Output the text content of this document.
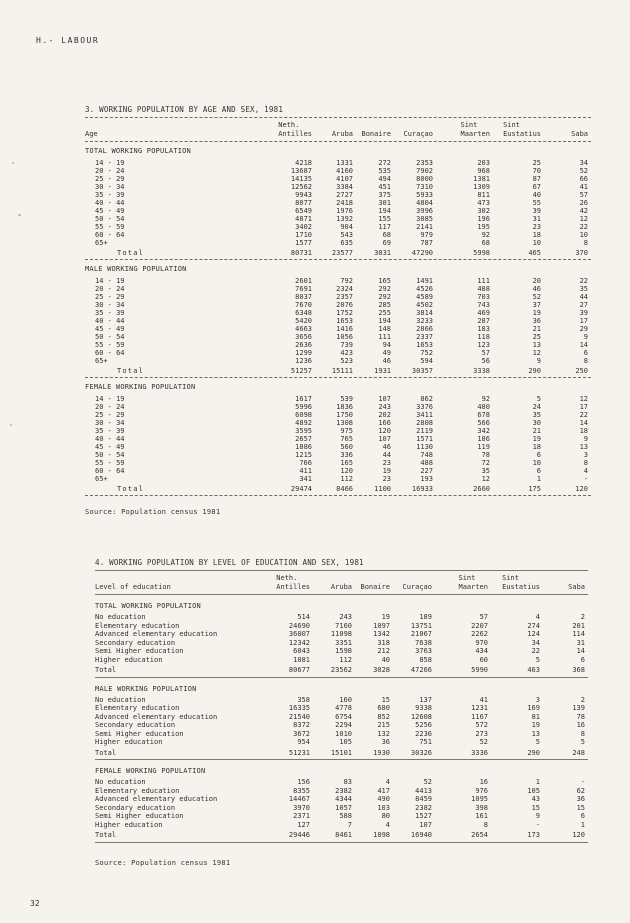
H.- LABOUR
3. WORKING POPULATION BY AGE AND SEX, 1981
Age
Neth.
Antilles	Aruba Bonaire Curaçao
Sint
Maarten
Sint
Eustatius	Saba
TOTAL WORKING POPULATION
14 - 19	4218	1331	272	2353	203	25	34
20 - 24	13687	4160	535	7902	968	70	52
25 - 29	14135	4107	494	8000	1381	87	66
30 - 34	12562	3384	451	7310	1309	67	41
35 - 39	9943	2727	375	5933	811	40	57
40 - 44	8077	2418	301	4804	473	55	26
45 - 49	6549	1976	194	3996	302	39	42
50 - 54	4871	1392	155	3085	196	31	12
55 - 59	3402	904	117	2141	195	23	22
60 - 64	1710	543	68	979	92	18	10
65+	1577	635	69	787	68	10	8
Total	80731	23577	3031	47290	5998	465	370
MALE WORKING POPULATION
14 - 19	2601	792	165	1491	111	20	22
20 - 24	7691	2324	292	4526	488	46	35
25 - 29	8037	2357	292	4589	703	52	44
30 - 34	7670	2076	285	4502	743	37	27
35 - 39	6348	1752	255	3814	469	19	39
40 - 44	5420	1653	194	3233	287	36	17
45 - 49	4663	1416	148	2866	183	21	29
50 - 54	3656	1056	111	2337	118	25	9
55 - 59	2636	739	94	1653	123	13	14
60 - 64	1299	423	49	752	57	12	6
65+	1236	523	46	594	56	9	8
Total	51257	15111	1931	30357	3338	290	250
FEMALE WORKING POPULATION
14 - 19	1617	539	107	862	92	5	12
20 - 24	5996	1836	243	3376	480	24	17
25 - 29	6098	1750	202	3411	678	35	22
30 - 34	4892	1308	166	2808	566	30	14
35 - 39	3595	975	120	2119	342	21	18
40 - 44	2657	765	107	1571	186	19	9
45 - 49	1886	560	46	1130	119	18	13
50 - 54	1215	336	44	748	78	6	3
55 - 59	766	165	23	488	72	10	8
60 - 64	411	120	19	227	35	6	4
65+	341	112	23	193	12	1	-
Total	29474	8466	1100	16933	2660	175	120
Source: Population census 1981
4. WORKING POPULATION BY LEVEL OF EDUCATION AND SEX, 1981
Level of education
Neth.
Antilles	Aruba Bonaire Curaçao
Sint
Maarten
Sint
Eustatius	Saba
TOTAL WORKING POPULATION
No education	514	243	19	189	57	4	2
Elementary education	24690	7160	1097	13751	2207	274	201
Advanced elementary education	36007	11098	1342	21067	2262	124	114
Secondary education	12342	3351	318	7638	970	34	31
Semi Higher education	6043	1598	212	3763	434	22	14
Higher education	1081	112	40	858	60	5	6
Total	80677	23562	3028	47266	5990	463	368
MALE WORKING POPULATION
No education	358	160	15	137	41	3	2
Elementary education	16335	4778	680	9338	1231	169	139
Advanced elementary education	21540	6754	852	12608	1167	81	78
Secondary education	8372	2294	215	5256	572	19	16
Semi Higher education	3672	1010	132	2236	273	13	8
Higher education	954	105	36	751	52	5	5
Total	51231	15101	1930	30326	3336	290	248
FEMALE WORKING POPULATION
No education	156	83	4	52	16	1	-
Elementary education	8355	2382	417	4413	976	105	62
Advanced elementary education	14467	4344	490	8459	1095	43	36
Secondary education	3970	1057	103	2382	398	15	15
Semi Higher education	2371	588	80	1527	161	9	6
Higher education	127	7	4	107	8	-	1
Total	29446	8461	1098	16940	2654	173	120
Source: Population census 1981
32
